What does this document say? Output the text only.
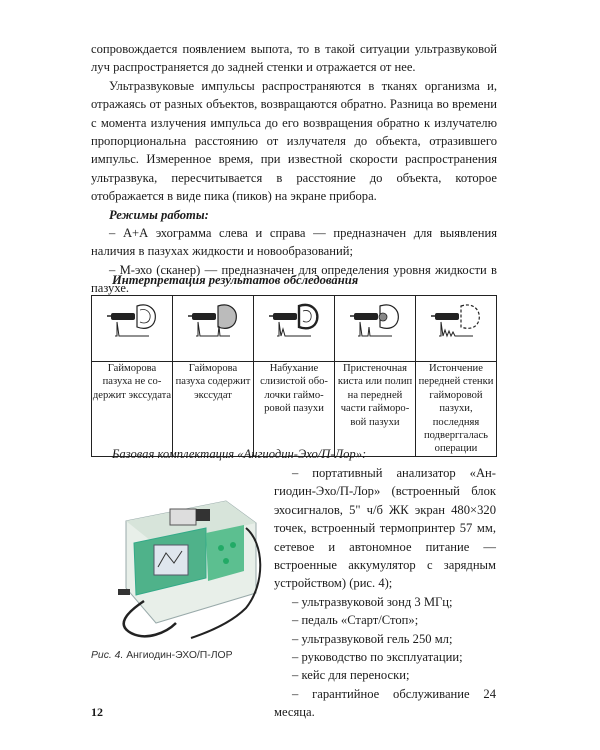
сопровождается появлением выпота, то в такой ситуации ультразвуковой луч распространяется до задней стенки и отражается от нее.

Ультразвуковые импульсы распространяются в тканях организма и, отражаясь от разных объектов, возвращаются обратно. Разница во времени с момента излучения импульса до его возвращения обратно к излучателю пропорциональна расстоянию от излучателя до объекта, отразившего импульс. Измеренное время, при известной скорости распространения ультразвука, пересчитывается в расстояние до объекта, которое отображается в виде пика (пиков) на экране прибора.

Режимы работы:

– А+А эхограмма слева и справа — предназначен для выявления наличия в пазухах жидкости и новообразований;

– М-эхо (сканер) — предназначен для определения уровня жидкости в пазухе.

Интерпретация результатов обследования

Гайморова пазуха не содержит экссудата	Гайморова пазуха содержит экссудат	Набухание слизистой оболочки гайморовой пазухи	Пристеночная киста или полип на передней части гайморовой пазухи	Истончение передней стенки гайморовой пазухи, последняя подверггалась операции
Базовая комплектация «Ангиодин-Эхо/П-Лор»:

– портативный анализатор «Ангиодин-Эхо/П-Лор» (встроенный блок эхосигналов, 5" ч/б ЖК экран 480×320 точек, встроенный термопринтер 57 мм, сетевое и автономное питание — встроенные аккумулятор с зарядным устройством) (рис. 4);

– ультразвуковой зонд 3 МГц;

– педаль «Старт/Стоп»;

– ультразвуковой гель 250 мл;

– руководство по эксплуатации;

– кейс для переноски;

– гарантийное обслуживание 24 месяца.

Рис. 4. Ангиодин-ЭХО/П-ЛОР
12
